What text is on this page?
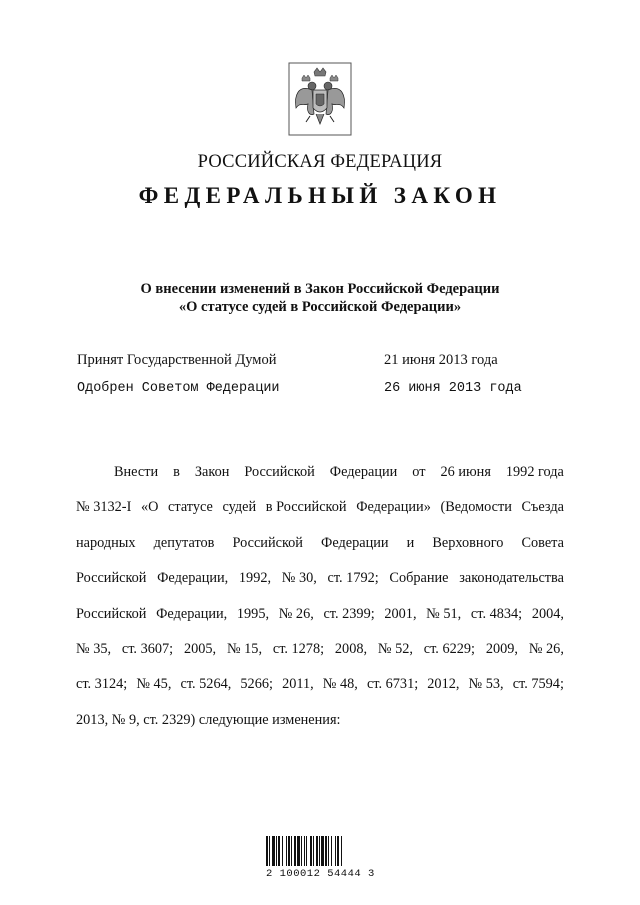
РОССИЙСКАЯ ФЕДЕРАЦИЯ
ФЕДЕРАЛЬНЫЙ ЗАКОН
О внесении изменений в Закон Российской Федерации
«О статусе судей в Российской Федерации»
Принят Государственной Думой	21 июня 2013 года
Одобрен Советом Федерации	26 июня 2013 года
Внести в Закон Российской Федерации от 26 июня 1992 года
№ 3132-I «О статусе судей в Российской Федерации» (Ведомости Съезда
народных депутатов Российской Федерации и Верховного Совета
Российской Федерации, 1992, № 30, ст. 1792; Собрание законодательства
Российской Федерации, 1995, № 26, ст. 2399; 2001, № 51, ст. 4834; 2004,
№ 35, ст. 3607; 2005, № 15, ст. 1278; 2008, № 52, ст. 6229; 2009, № 26,
ст. 3124; № 45, ст. 5264, 5266; 2011, № 48, ст. 6731; 2012, № 53, ст. 7594;
2013, № 9, ст. 2329) следующие изменения:
2 100012 54444 3
